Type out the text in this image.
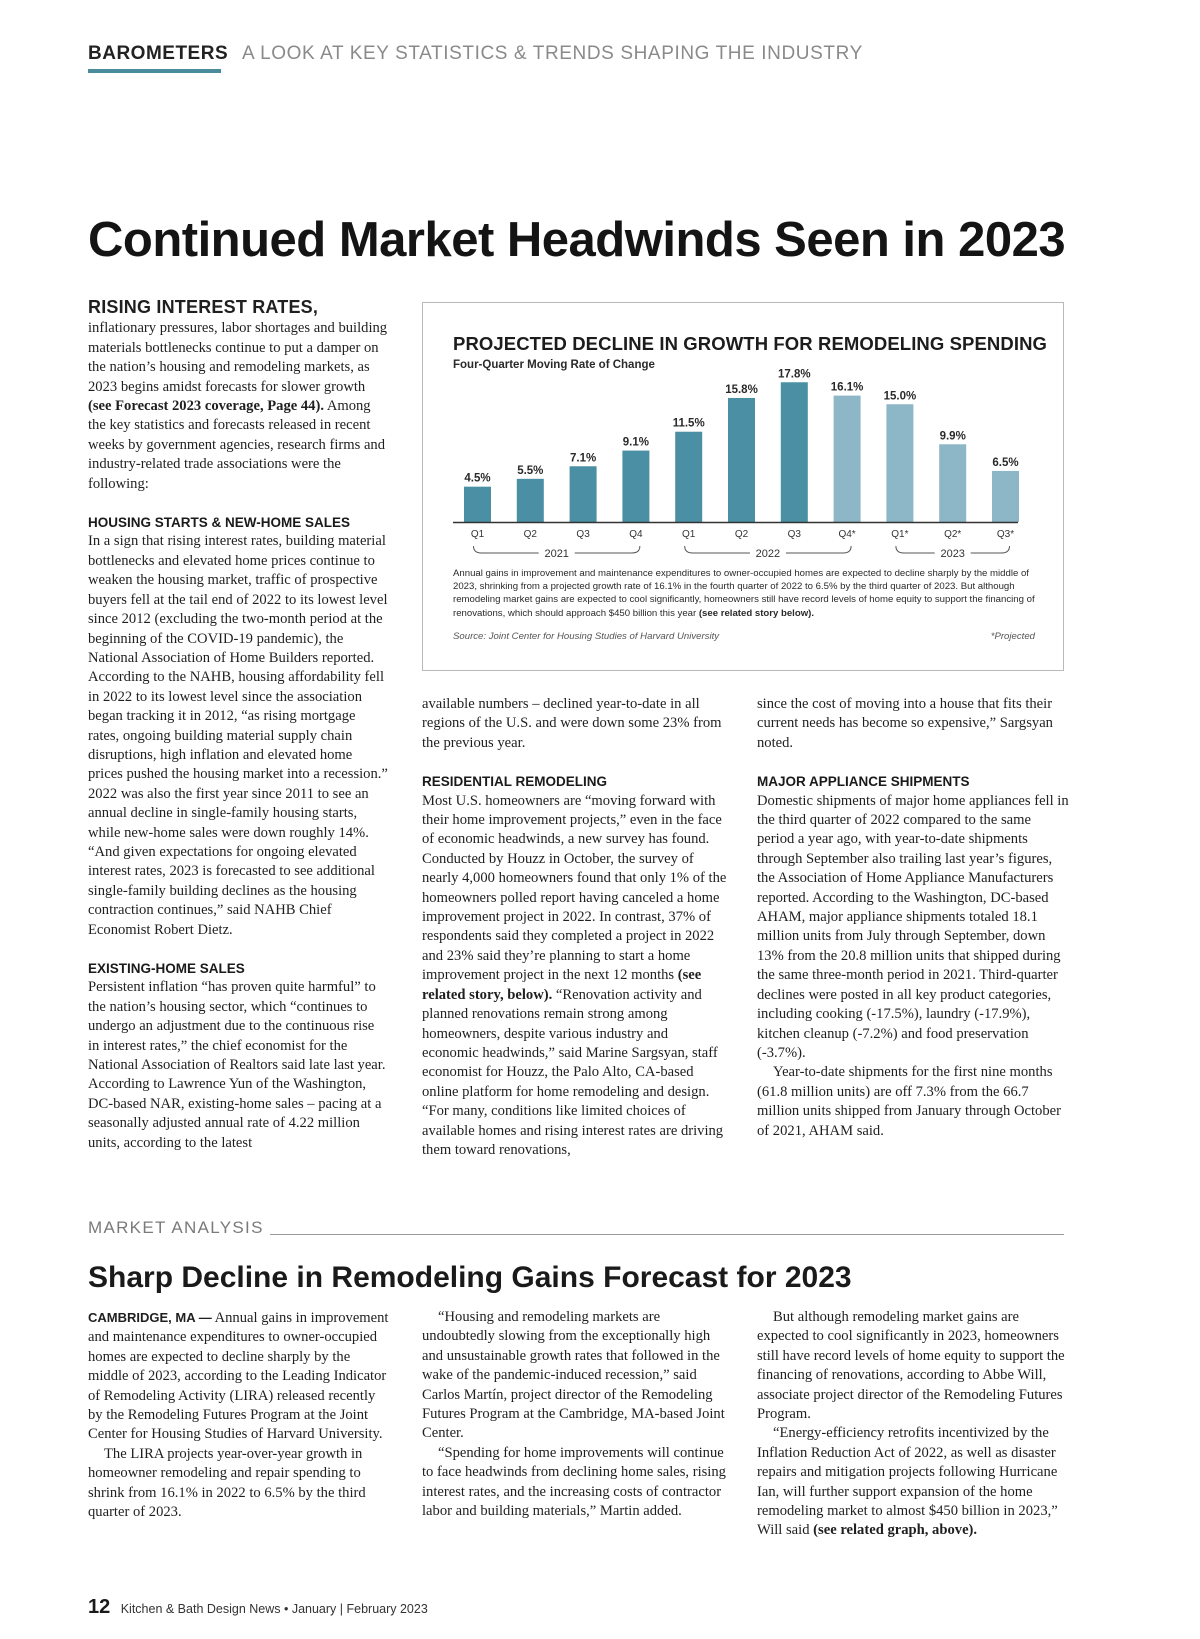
BAROMETERS A LOOK AT KEY STATISTICS & TRENDS SHAPING THE INDUSTRY
Continued Market Headwinds Seen in 2023

RISING INTEREST RATES, inflationary pressures, labor shortages and building materials bottlenecks continue to put a damper on the nation’s housing and remodeling markets, as 2023 begins amidst forecasts for slower growth (see Forecast 2023 coverage, Page 44). Among the key statistics and forecasts released in recent weeks by government agencies, research firms and industry-related trade associations were the following:

HOUSING STARTS & NEW-HOME SALES

In a sign that rising interest rates, building material bottlenecks and elevated home prices continue to weaken the housing market, traffic of prospective buyers fell at the tail end of 2022 to its lowest level since 2012 (excluding the two-month period at the beginning of the COVID-19 pandemic), the National Association of Home Builders reported. According to the NAHB, housing affordability fell in 2022 to its lowest level since the association began tracking it in 2012, “as rising mortgage rates, ongoing building material supply chain disruptions, high inflation and elevated home prices pushed the housing market into a recession.” 2022 was also the first year since 2011 to see an annual decline in single-family housing starts, while new-home sales were down roughly 14%. “And given expectations for ongoing elevated interest rates, 2023 is forecasted to see additional single-family building declines as the housing contraction continues,” said NAHB Chief Economist Robert Dietz.

EXISTING-HOME SALES

Persistent inflation “has proven quite harmful” to the nation’s housing sector, which “continues to undergo an adjustment due to the continuous rise in interest rates,” the chief economist for the National Association of Realtors said late last year. According to Lawrence Yun of the Washington, DC-based NAR, existing-home sales – pacing at a seasonally adjusted annual rate of 4.22 million units, according to the latest

4.5%
Q1
5.5%
Q2
7.1%
Q3
9.1%
Q4
11.5%
Q1
15.8%
Q2
17.8%
Q3
16.1%
Q4*
15.0%
Q1*
9.9%
Q2*
6.5%
Q3*
2021	2022	2023
PROJECTED DECLINE IN GROWTH FOR REMODELING SPENDING
Four-Quarter Moving Rate of Change
Annual gains in improvement and maintenance expenditures to owner-occupied homes are expected to decline sharply by the middle of 2023, shrinking from a projected growth rate of 16.1% in the fourth quarter of 2022 to 6.5% by the third quarter of 2023. But although remodeling market gains are expected to cool significantly, homeowners still have record levels of home equity to support the financing of renovations, which should approach $450 billion this year (see related story below).
Source: Joint Center for Housing Studies of Harvard University	*Projected

available numbers – declined year-to-date in all regions of the U.S. and were down some 23% from the previous year.

RESIDENTIAL REMODELING

Most U.S. homeowners are “moving forward with their home improvement projects,” even in the face of economic headwinds, a new survey has found. Conducted by Houzz in October, the survey of nearly 4,000 homeowners found that only 1% of the homeowners polled report having canceled a home improvement project in 2022. In contrast, 37% of respondents said they completed a project in 2022 and 23% said they’re planning to start a home improvement project in the next 12 months (see related story, below). “Renovation activity and planned renovations remain strong among homeowners, despite various industry and economic headwinds,” said Marine Sargsyan, staff economist for Houzz, the Palo Alto, CA-based online platform for home remodeling and design. “For many, conditions like limited choices of available homes and rising interest rates are driving them toward renovations,

since the cost of moving into a house that fits their current needs has become so expensive,” Sargsyan noted.

MAJOR APPLIANCE SHIPMENTS

Domestic shipments of major home appliances fell in the third quarter of 2022 compared to the same period a year ago, with year-to-date shipments through September also trailing last year’s figures, the Association of Home Appliance Manufacturers reported. According to the Washington, DC-based AHAM, major appliance shipments totaled 18.1 million units from July through September, down 13% from the 20.8 million units that shipped during the same three-month period in 2021. Third-quarter declines were posted in all key product categories, including cooking (-17.5%), laundry (-17.9%), kitchen cleanup (-7.2%) and food preservation (-3.7%).

Year-to-date shipments for the first nine months (61.8 million units) are off 7.3% from the 66.7 million units shipped from January through October of 2021, AHAM said.

MARKET ANALYSIS
Sharp Decline in Remodeling Gains Forecast for 2023

CAMBRIDGE, MA — Annual gains in improvement and maintenance expenditures to owner-occupied homes are expected to decline sharply by the middle of 2023, according to the Leading Indicator of Remodeling Activity (LIRA) released recently by the Remodeling Futures Program at the Joint Center for Housing Studies of Harvard University.

The LIRA projects year-over-year growth in homeowner remodeling and repair spending to shrink from 16.1% in 2022 to 6.5% by the third quarter of 2023.

“Housing and remodeling markets are undoubtedly slowing from the exceptionally high and unsustainable growth rates that followed in the wake of the pandemic-induced recession,” said Carlos Martín, project director of the Remodeling Futures Program at the Cambridge, MA-based Joint Center.

“Spending for home improvements will continue to face headwinds from declining home sales, rising interest rates, and the increasing costs of contractor labor and building materials,” Martin added.

But although remodeling market gains are expected to cool significantly in 2023, homeowners still have record levels of home equity to support the financing of renovations, according to Abbe Will, associate project director of the Remodeling Futures Program.

“Energy-efficiency retrofits incentivized by the Inflation Reduction Act of 2022, as well as disaster repairs and mitigation projects following Hurricane Ian, will further support expansion of the home remodeling market to almost $450 billion in 2023,” Will said (see related graph, above).

12 Kitchen & Bath Design News • January | February 2023
